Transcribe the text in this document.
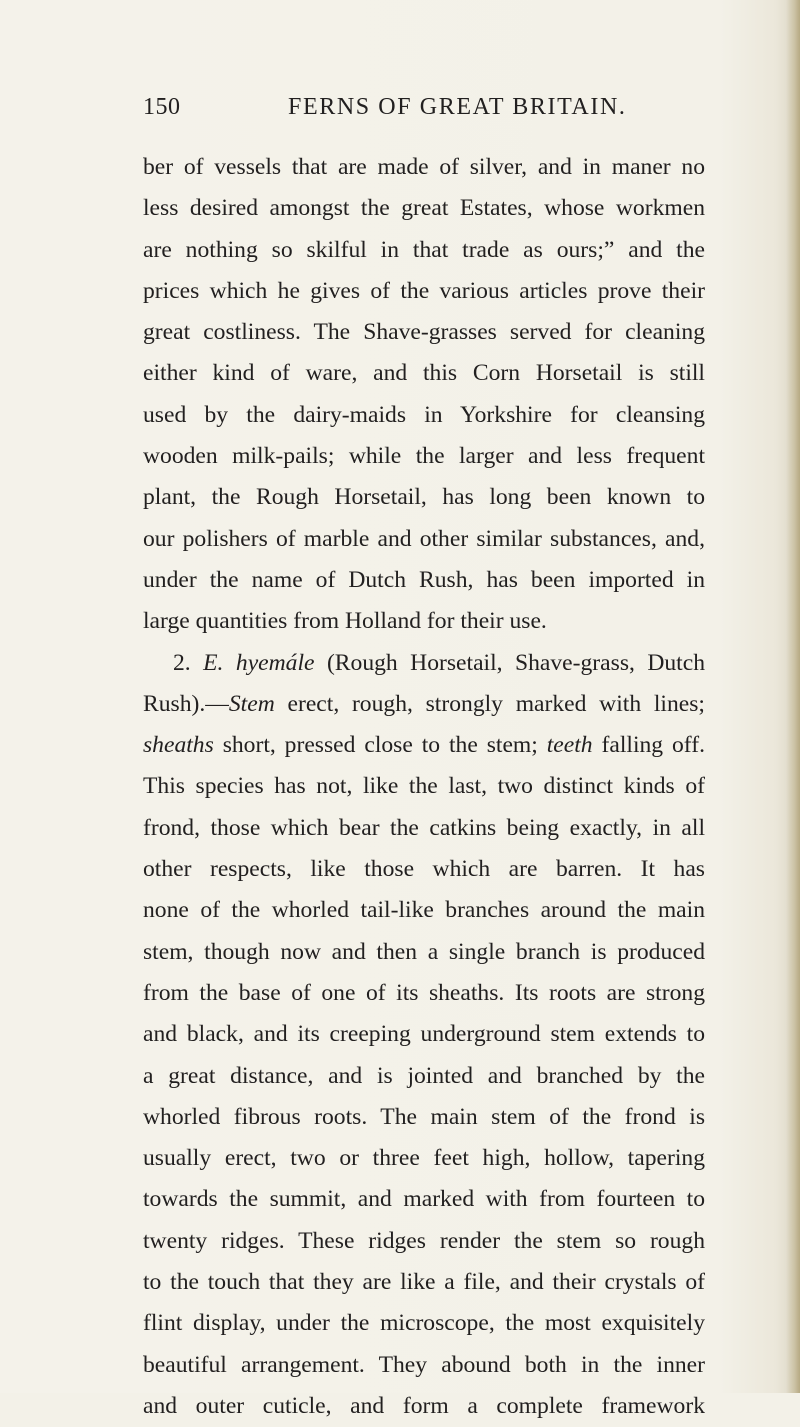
150	FERNS OF GREAT BRITAIN.
ber of vessels that are made of silver, and in maner no
less desired amongst the great Estates, whose workmen
are nothing so skilful in that trade as ours;” and the
prices which he gives of the various articles prove their
great costliness. The Shave-grasses served for cleaning
either kind of ware, and this Corn Horsetail is still
used by the dairy-maids in Yorkshire for cleansing
wooden milk-pails; while the larger and less frequent
plant, the Rough Horsetail, has long been known to
our polishers of marble and other similar substances, and,
under the name of Dutch Rush, has been imported in
large quantities from Holland for their use.
2. E. hyemále (Rough Horsetail, Shave-grass, Dutch
Rush).—Stem erect, rough, strongly marked with lines;
sheaths short, pressed close to the stem; teeth falling off.
This species has not, like the last, two distinct kinds of
frond, those which bear the catkins being exactly, in all
other respects, like those which are barren. It has
none of the whorled tail-like branches around the main
stem, though now and then a single branch is produced
from the base of one of its sheaths. Its roots are strong
and black, and its creeping underground stem extends to
a great distance, and is jointed and branched by the
whorled fibrous roots. The main stem of the frond is
usually erect, two or three feet high, hollow, tapering
towards the summit, and marked with from fourteen to
twenty ridges. These ridges render the stem so rough
to the touch that they are like a file, and their crystals of
flint display, under the microscope, the most exquisitely
beautiful arrangement. They abound both in the inner
and outer cuticle, and form a complete framework
